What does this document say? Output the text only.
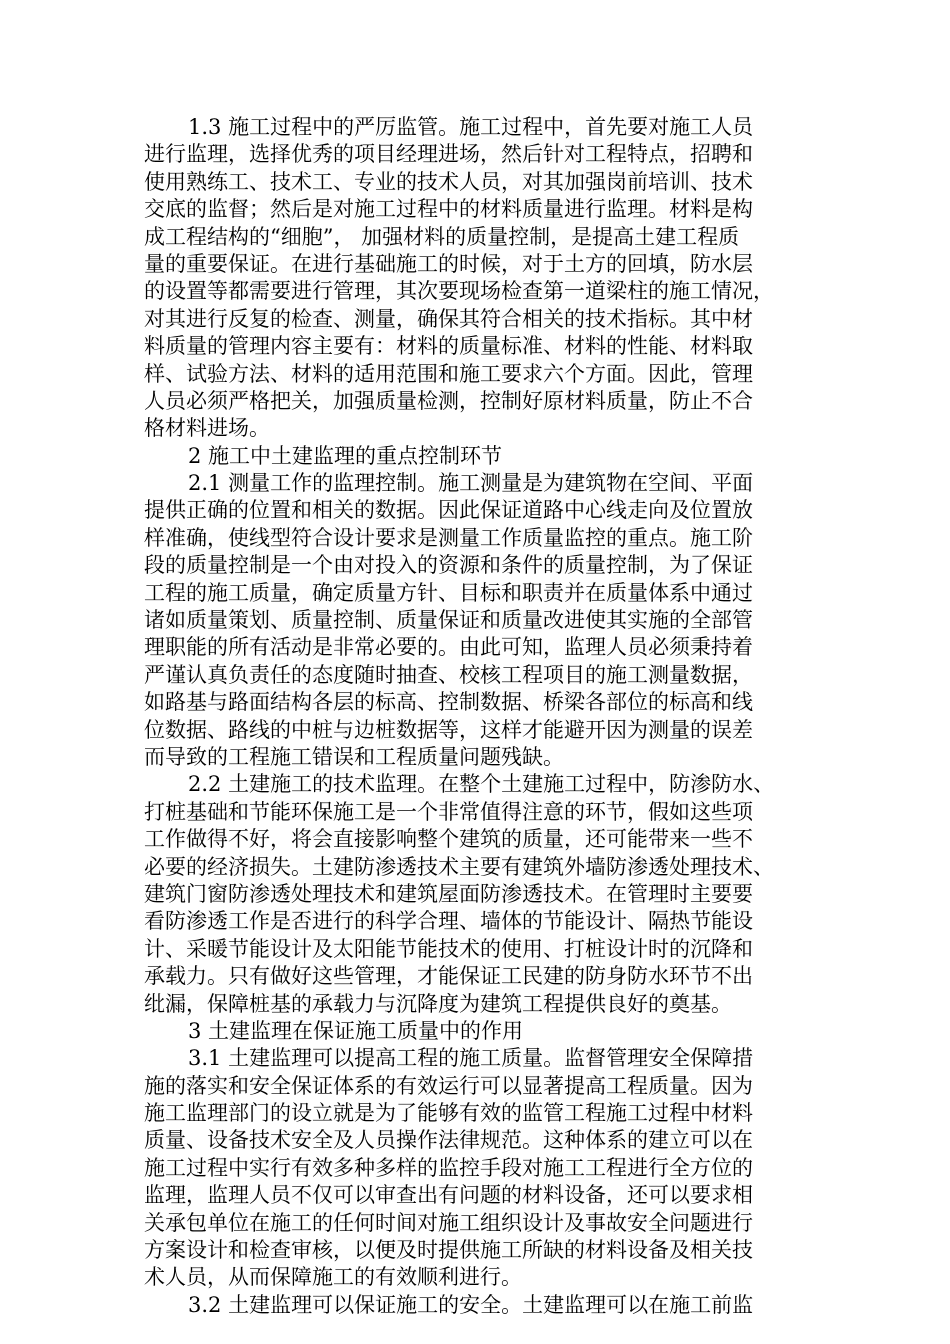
1.3 施工过程中的严厉监管。施工过程中，首先要对施工人员
进行监理，选择优秀的项目经理进场，然后针对工程特点，招聘和
使用熟练工、技术工、专业的技术人员，对其加强岗前培训、技术
交底的监督；然后是对施工过程中的材料质量进行监理。材料是构
成工程结构的“细胞”， 加强材料的质量控制，是提高土建工程质
量的重要保证。在进行基础施工的时候，对于土方的回填，防水层
的设置等都需要进行管理，其次要现场检查第一道梁柱的施工情况，
对其进行反复的检查、测量，确保其符合相关的技术指标。其中材
料质量的管理内容主要有：材料的质量标准、材料的性能、材料取
样、试验方法、材料的适用范围和施工要求六个方面。因此，管理
人员必须严格把关，加强质量检测，控制好原材料质量，防止不合
格材料进场。
2 施工中土建监理的重点控制环节
2.1 测量工作的监理控制。施工测量是为建筑物在空间、平面
提供正确的位置和相关的数据。因此保证道路中心线走向及位置放
样准确，使线型符合设计要求是测量工作质量监控的重点。施工阶
段的质量控制是一个由对投入的资源和条件的质量控制，为了保证
工程的施工质量，确定质量方针、目标和职责并在质量体系中通过
诸如质量策划、质量控制、质量保证和质量改进使其实施的全部管
理职能的所有活动是非常必要的。由此可知，监理人员必须秉持着
严谨认真负责任的态度随时抽查、校核工程项目的施工测量数据，
如路基与路面结构各层的标高、控制数据、桥梁各部位的标高和线
位数据、路线的中桩与边桩数据等，这样才能避开因为测量的误差
而导致的工程施工错误和工程质量问题残缺。
2.2 土建施工的技术监理。在整个土建施工过程中，防渗防水、
打桩基础和节能环保施工是一个非常值得注意的环节，假如这些项
工作做得不好，将会直接影响整个建筑的质量，还可能带来一些不
必要的经济损失。土建防渗透技术主要有建筑外墙防渗透处理技术、
建筑门窗防渗透处理技术和建筑屋面防渗透技术。在管理时主要要
看防渗透工作是否进行的科学合理、墙体的节能设计、隔热节能设
计、采暖节能设计及太阳能节能技术的使用、打桩设计时的沉降和
承载力。只有做好这些管理，才能保证工民建的防身防水环节不出
纰漏，保障桩基的承载力与沉降度为建筑工程提供良好的奠基。
3 土建监理在保证施工质量中的作用
3.1 土建监理可以提高工程的施工质量。监督管理安全保障措
施的落实和安全保证体系的有效运行可以显著提高工程质量。因为
施工监理部门的设立就是为了能够有效的监管工程施工过程中材料
质量、设备技术安全及人员操作法律规范。这种体系的建立可以在
施工过程中实行有效多种多样的监控手段对施工工程进行全方位的
监理，监理人员不仅可以审查出有问题的材料设备，还可以要求相
关承包单位在施工的任何时间对施工组织设计及事故安全问题进行
方案设计和检查审核，以便及时提供施工所缺的材料设备及相关技
术人员，从而保障施工的有效顺利进行。
3.2 土建监理可以保证施工的安全。土建监理可以在施工前监
